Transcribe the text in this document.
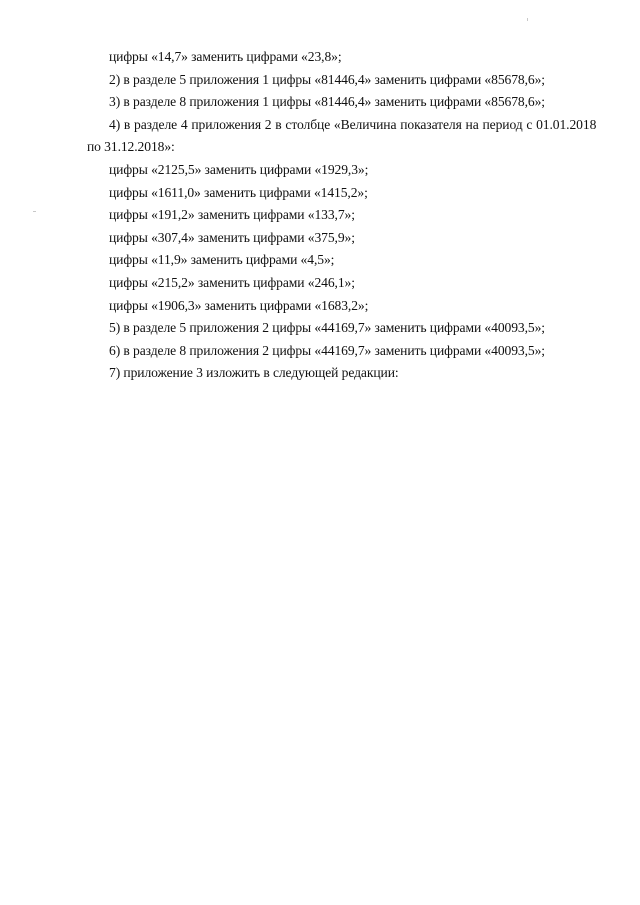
цифры «14,7» заменить цифрами «23,8»;
2) в разделе 5 приложения 1 цифры «81446,4» заменить цифрами «85678,6»;
3) в разделе 8 приложения 1 цифры «81446,4» заменить цифрами «85678,6»;
4) в разделе 4 приложения 2 в столбце «Величина показателя на период с 01.01.2018
по 31.12.2018»:
цифры «2125,5» заменить цифрами «1929,3»;
цифры «1611,0» заменить цифрами «1415,2»;
цифры «191,2» заменить цифрами «133,7»;
цифры «307,4» заменить цифрами «375,9»;
цифры «11,9» заменить цифрами «4,5»;
цифры «215,2» заменить цифрами «246,1»;
цифры «1906,3» заменить цифрами «1683,2»;
5) в разделе 5 приложения 2 цифры «44169,7» заменить цифрами «40093,5»;
6) в разделе 8 приложения 2 цифры «44169,7» заменить цифрами «40093,5»;
7) приложение 3 изложить в следующей редакции:
